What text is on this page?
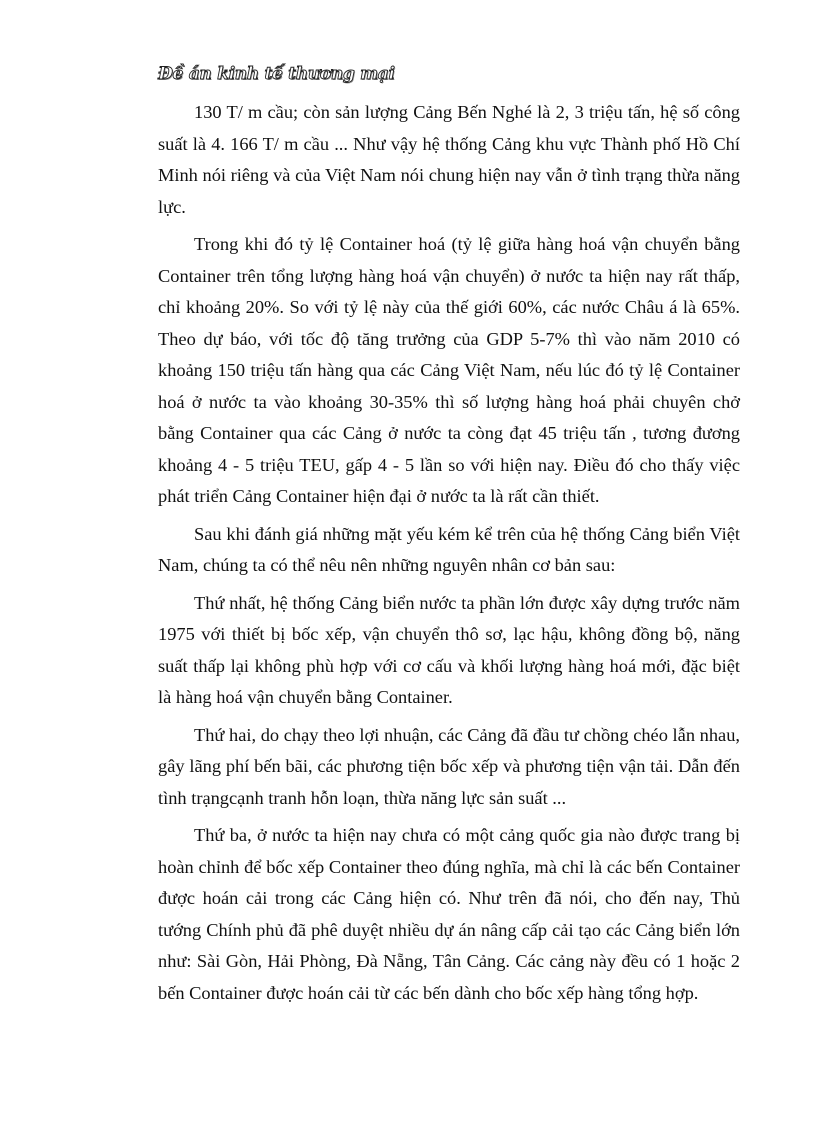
Đề án kinh tế thương mại

130 T/ m cầu; còn sản lượng Cảng Bến Nghé là 2, 3 triệu tấn, hệ số công suất là 4. 166 T/ m cầu ... Như vậy hệ thống Cảng khu vực Thành phố Hồ Chí Minh nói riêng và của Việt Nam nói chung hiện nay vẫn ở tình trạng thừa năng lực.

Trong khi đó tỷ lệ Container hoá (tỷ lệ giữa hàng hoá vận chuyển bằng Container trên tổng lượng hàng hoá vận chuyển) ở nước ta hiện nay rất thấp, chỉ khoảng 20%. So với tỷ lệ này của thế giới 60%, các nước Châu á là 65%. Theo dự báo, với tốc độ tăng trưởng của GDP 5-7% thì vào năm 2010 có khoảng 150 triệu tấn hàng qua các Cảng Việt Nam, nếu lúc đó tỷ lệ Container hoá ở nước ta vào khoảng 30-35% thì số lượng hàng hoá phải chuyên chở bằng Container qua các Cảng ở nước ta còng đạt 45 triệu tấn , tương đương khoảng 4 - 5 triệu TEU, gấp 4 - 5 lần so với hiện nay. Điều đó cho thấy việc phát triển Cảng Container hiện đại ở nước ta là rất cần thiết.

Sau khi đánh giá những mặt yếu kém kể trên của hệ thống Cảng biển Việt Nam, chúng ta có thể nêu nên những nguyên nhân cơ bản sau:

Thứ nhất, hệ thống Cảng biển nước ta phần lớn được xây dựng trước năm 1975 với thiết bị bốc xếp, vận chuyển thô sơ, lạc hậu, không đồng bộ, năng suất thấp lại không phù hợp với cơ cấu và khối lượng hàng hoá mới, đặc biệt là hàng hoá vận chuyển bằng Container.

Thứ hai, do chạy theo lợi nhuận, các Cảng đã đầu tư chồng chéo lẫn nhau, gây lãng phí bến bãi, các phương tiện bốc xếp và phương tiện vận tải. Dẫn đến tình trạngcạnh tranh hỗn loạn, thừa năng lực sản suất ...

Thứ ba, ở nước ta hiện nay chưa có một cảng quốc gia nào được trang bị hoàn chỉnh để bốc xếp Container theo đúng nghĩa, mà chỉ là các bến Container được hoán cải trong các Cảng hiện có. Như trên đã nói, cho đến nay, Thủ tướng Chính phủ đã phê duyệt nhiều dự án nâng cấp cải tạo các Cảng biển lớn như: Sài Gòn, Hải Phòng, Đà Nẵng, Tân Cảng. Các cảng này đều có 1 hoặc 2 bến Container được hoán cải từ các bến dành cho bốc xếp hàng tổng hợp.
